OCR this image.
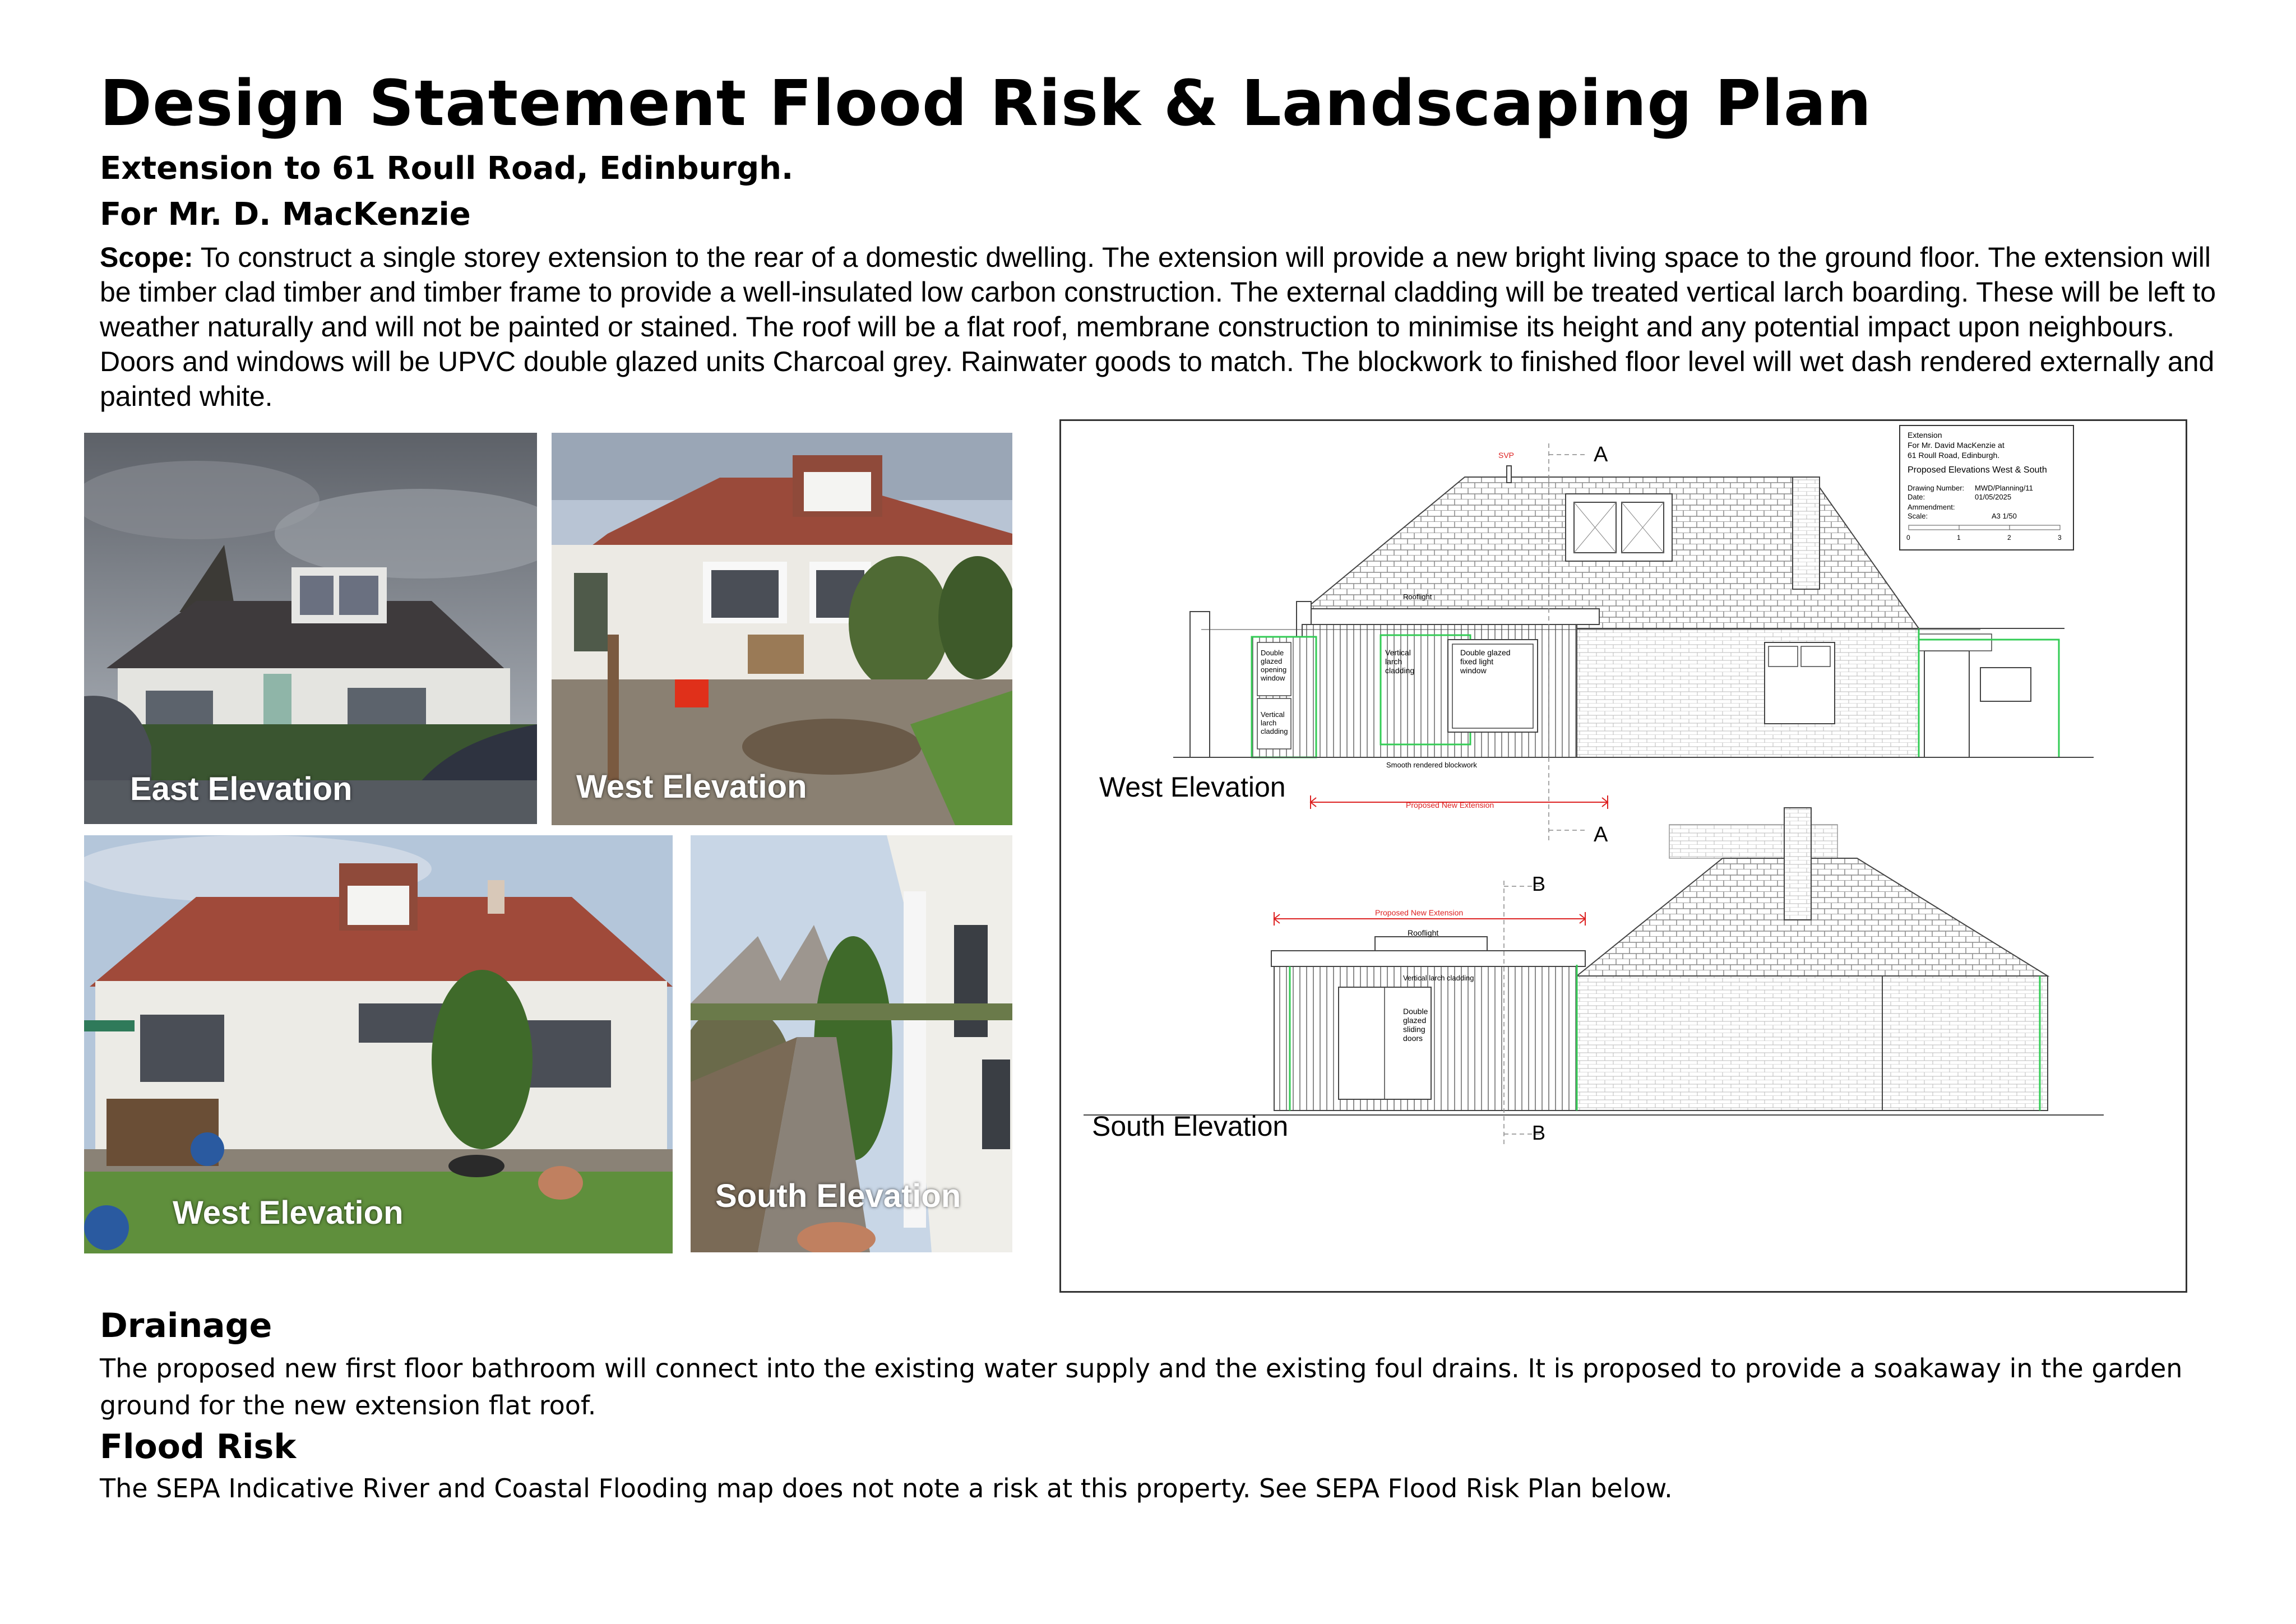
Design Statement Flood Risk & Landscaping Plan
Extension to 61 Roull Road, Edinburgh.
For Mr. D. MacKenzie
Scope: To construct a single storey extension to the rear of a domestic dwelling. The extension will provide a new bright living space to the ground floor. The extension will be timber clad timber and timber frame to provide a well-insulated low carbon construction. The external cladding will be treated vertical larch boarding. These will be left to weather naturally and will not be painted or stained. The roof will be a flat roof, membrane construction to minimise its height and any potential impact upon neighbours. Doors and windows will be UPVC double glazed units Charcoal grey. Rainwater goods to match. The blockwork to finished floor level will wet dash rendered externally and painted white.
East Elevation	West Elevation
West Elevation	South Elevation
Extension
For Mr. David MacKenzie at
61 Roull Road, Edinburgh.
Proposed Elevations West & South
Drawing Number: MWD/Planning/11
Date:	01/05/2025
Ammendment:
Scale:	A3 1/50
0	1	2	3
SVP
Rooflight
Double
glazed
opening
window
Vertical
larch
cladding
Vertical
larch
cladding
Double glazed
fixed light
window
Smooth rendered blockwork
Proposed New Extension
A
A
West Elevation
Rooflight
Vertical larch cladding
Double
glazed
sliding
doors
Proposed New Extension
B
B
South Elevation
Drainage
The proposed new first floor bathroom will connect into the existing water supply and the existing foul drains. It is proposed to provide a soakaway in the garden ground for the new extension flat roof.
Flood Risk
The SEPA Indicative River and Coastal Flooding map does not note a risk at this property. See SEPA Flood Risk Plan below.
